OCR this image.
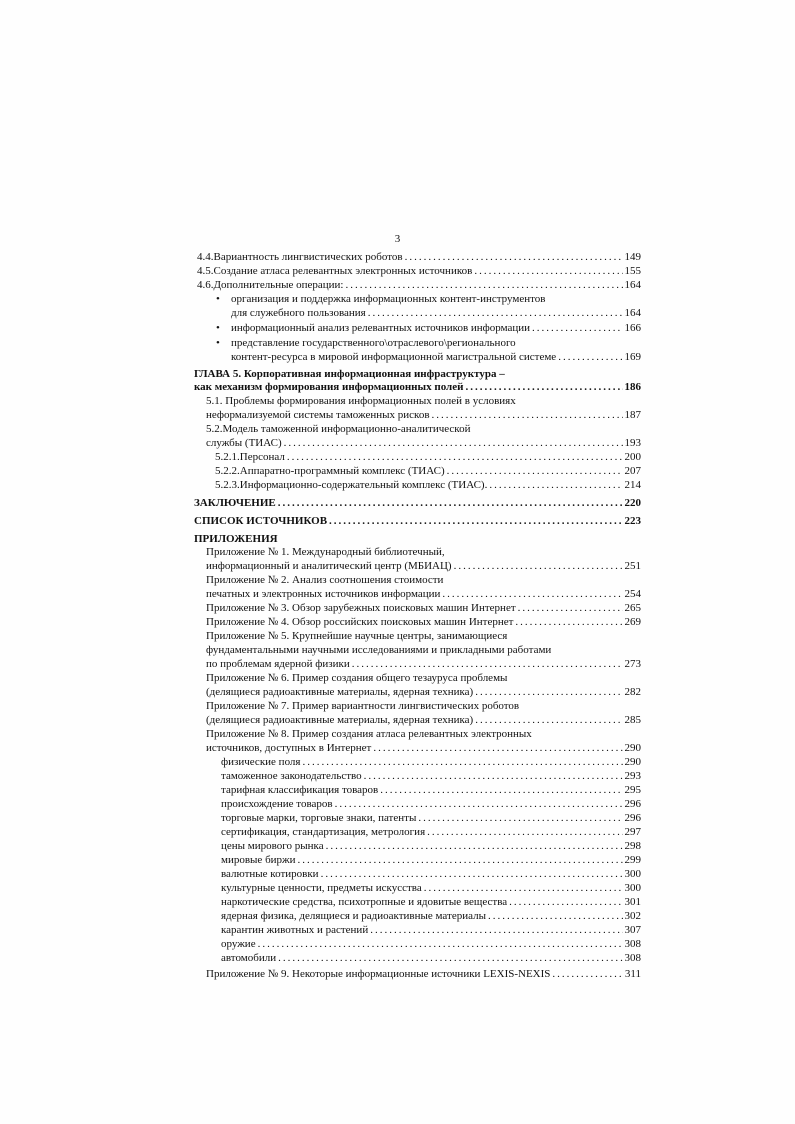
3
4.4.Вариантность лингвистических роботов .....	149
4.5.Создание атласа релевантных электронных источников .....	155
4.6.Дополнительные операции: .....	164
• организация и поддержка информационных контент-инструментов
для служебного пользования .....	164
• информационный анализ релевантных источников информации .....	166
• представление государственного\отраслевого\регионального
контент-ресурса в мировой информационной магистральной системе .....	169
ГЛАВА 5. Корпоративная информационная инфраструктура –
как механизм формирования информационных полей .....	186
5.1. Проблемы формирования информационных полей в условиях
неформализуемой системы таможенных рисков .....	187
5.2.Модель таможенной информационно-аналитической
службы (ТИАС) .....	193
5.2.1.Персонал .....	200
5.2.2.Аппаратно-программный комплекс (ТИАС) .....	207
5.2.3.Информационно-содержательный комплекс (ТИАС). .....	214
ЗАКЛЮЧЕНИЕ .....	220
СПИСОК ИСТОЧНИКОВ .....	223
ПРИЛОЖЕНИЯ
Приложение № 1. Международный библиотечный,
информационный и аналитический центр (МБИАЦ) .....	251
Приложение № 2. Анализ соотношения стоимости
печатных и электронных источников информации .....	254
Приложение № 3. Обзор зарубежных поисковых машин Интернет .....	265
Приложение № 4. Обзор российских поисковых машин Интернет .....	269
Приложение № 5. Крупнейшие научные центры, занимающиеся
фундаментальными научными исследованиями и прикладными работами
по проблемам ядерной физики .....	273
Приложение № 6. Пример создания общего тезауруса проблемы
(делящиеся радиоактивные материалы, ядерная техника) .....	282
Приложение № 7. Пример вариантности лингвистических роботов
(делящиеся радиоактивные материалы, ядерная техника) .....	285
Приложение № 8. Пример создания атласа релевантных электронных
источников, доступных в Интернет .....	290
физические поля .....	290
таможенное законодательство .....	293
тарифная классификация товаров .....	295
происхождение товаров .....	296
торговые марки, торговые знаки, патенты .....	296
сертификация, стандартизация, метрология .....	297
цены мирового рынка .....	298
мировые биржи .....	299
валютные котировки .....	300
культурные ценности, предметы искусства .....	300
наркотические средства, психотропные и ядовитые вещества .....	301
ядерная физика, делящиеся и радиоактивные материалы .....	302
карантин животных и растений .....	307
оружие .....	308
автомобили .....	308
Приложение № 9. Некоторые информационные источники LEXIS-NEXIS .....	311
